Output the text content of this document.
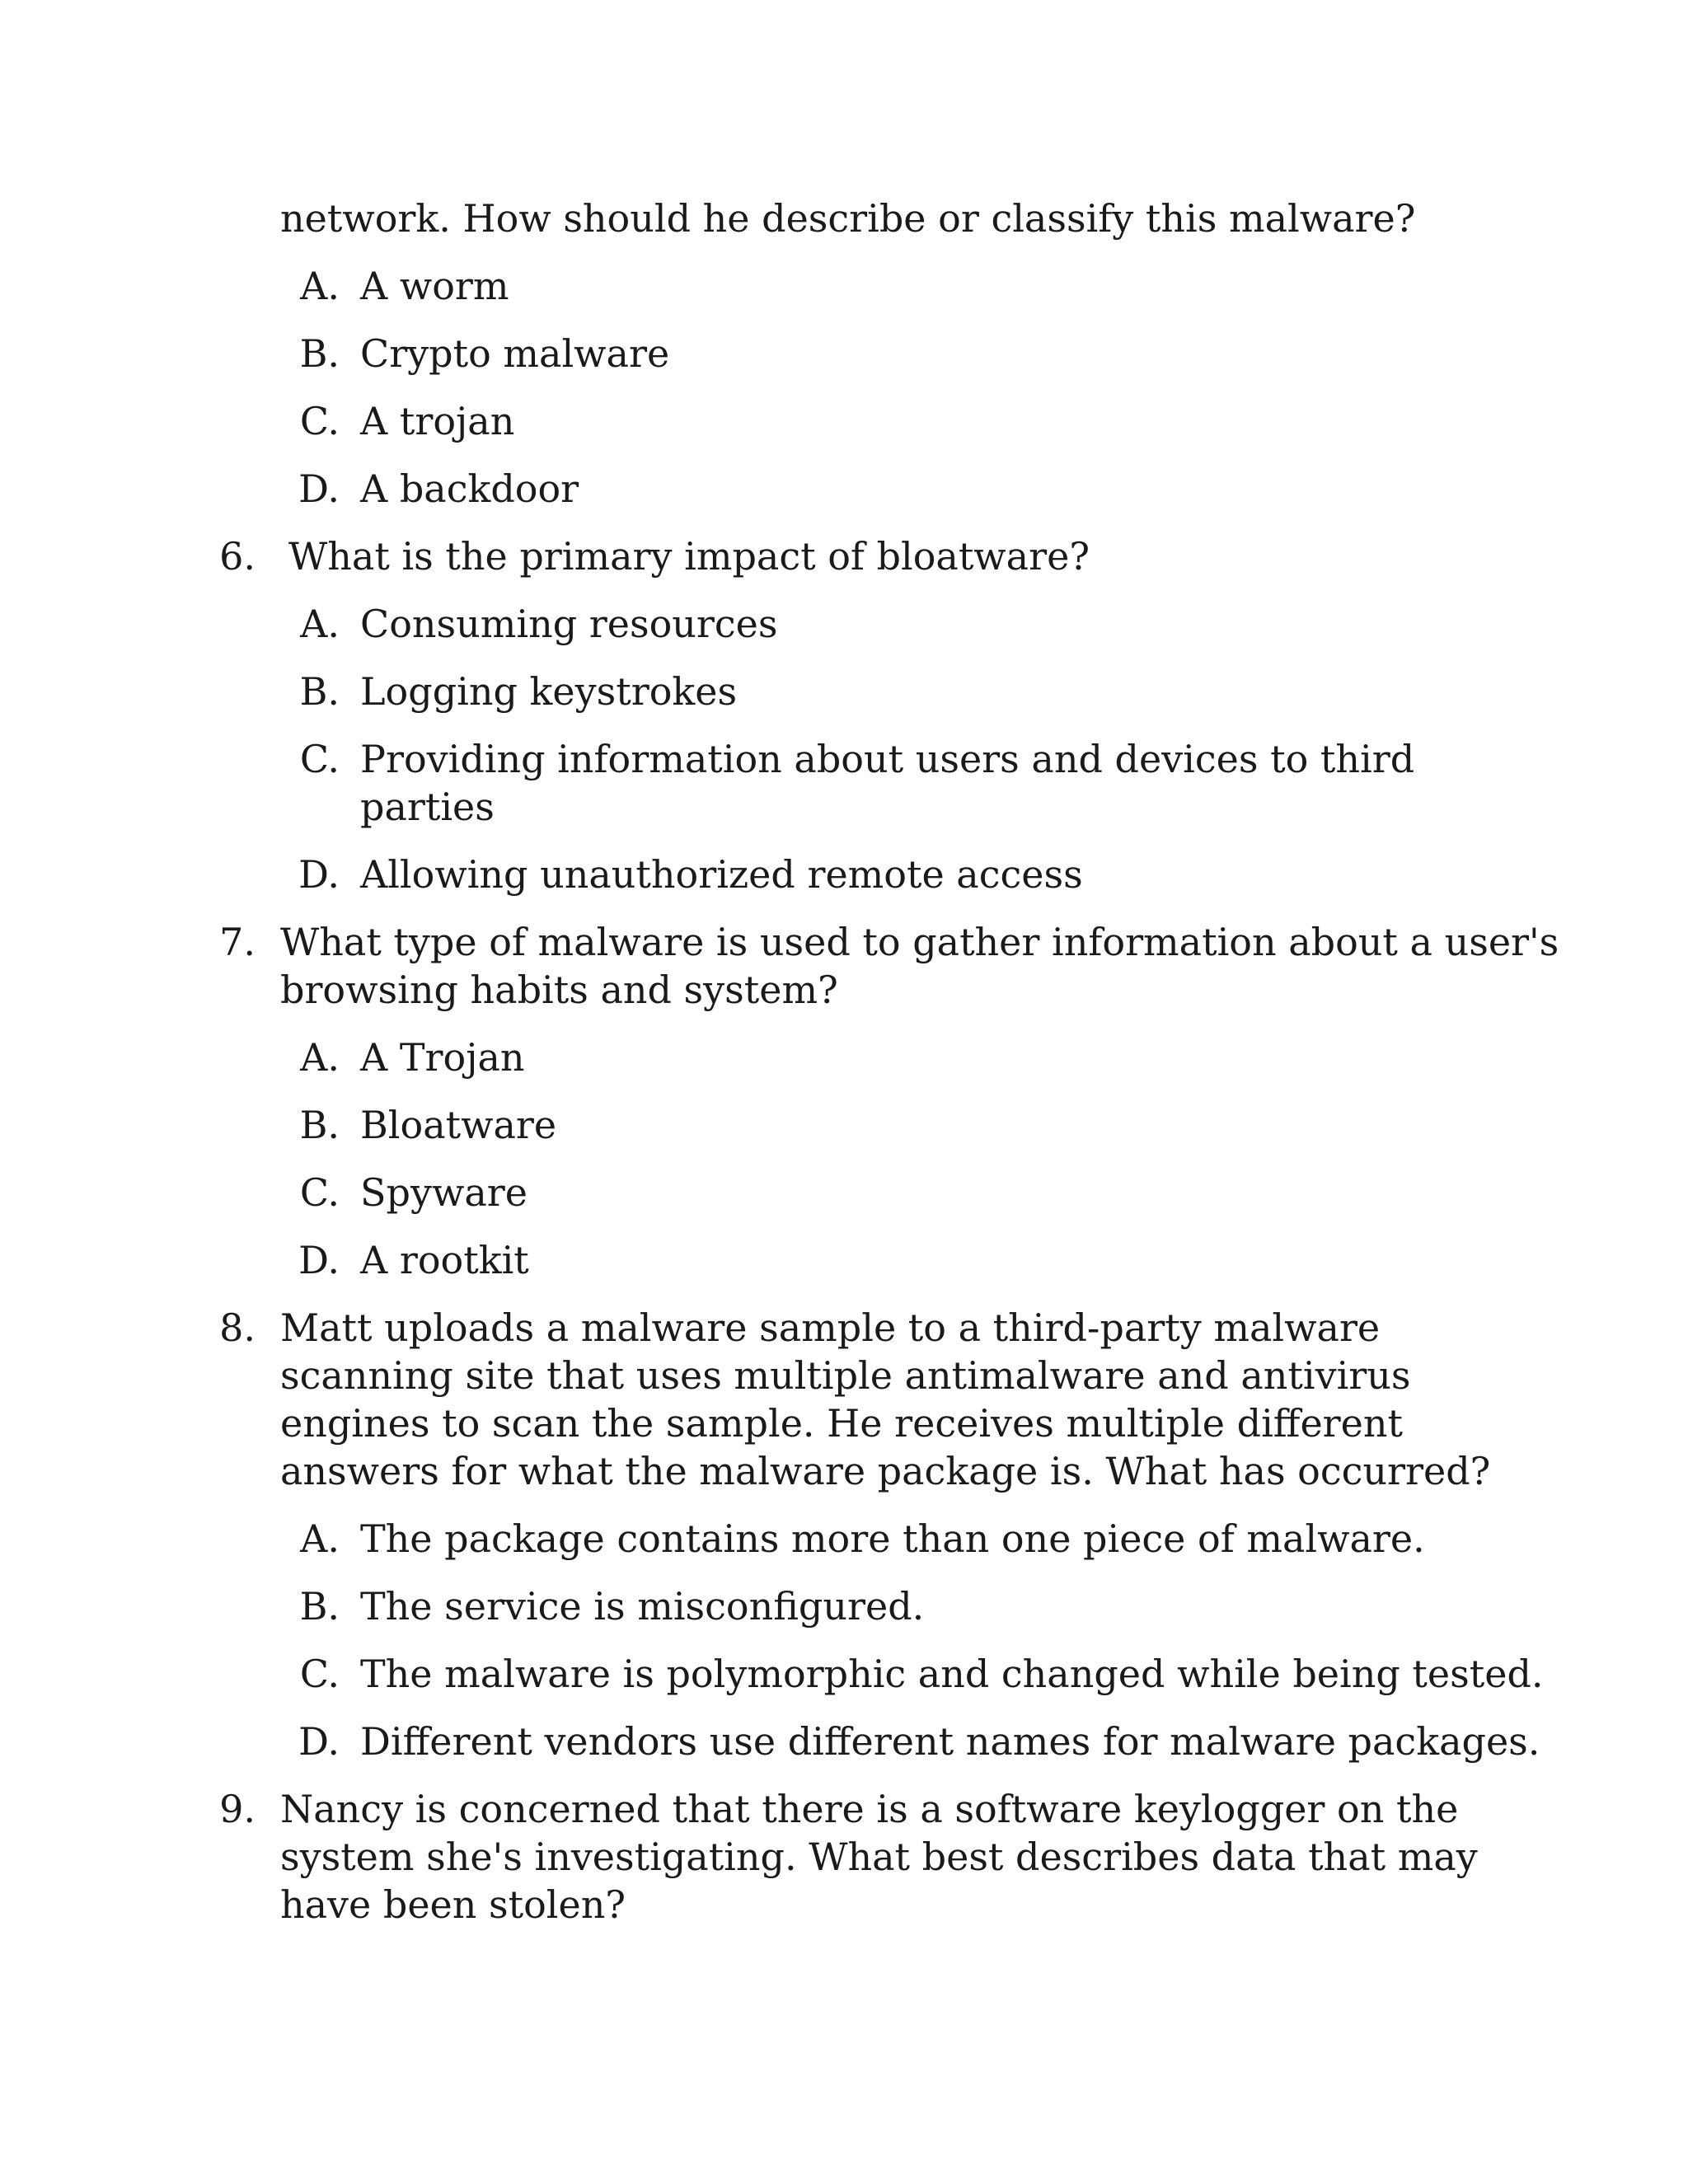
network. How should he describe or classify this malware?
A. A worm
B. Crypto malware
C. A trojan
D. A backdoor
6. What is the primary impact of bloatware?
A. Consuming resources
B. Logging keystrokes
C. Providing information about users and devices to third
parties
D. Allowing unauthorized remote access
7. What type of malware is used to gather information about a user's
browsing habits and system?
A. A Trojan
B. Bloatware
C. Spyware
D. A rootkit
8. Matt uploads a malware sample to a third-party malware
scanning site that uses multiple antimalware and antivirus
engines to scan the sample. He receives multiple different
answers for what the malware package is. What has occurred?
A. The package contains more than one piece of malware.
B. The service is misconfigured.
C. The malware is polymorphic and changed while being tested.
D. Different vendors use different names for malware packages.
9. Nancy is concerned that there is a software keylogger on the
system she's investigating. What best describes data that may
have been stolen?
